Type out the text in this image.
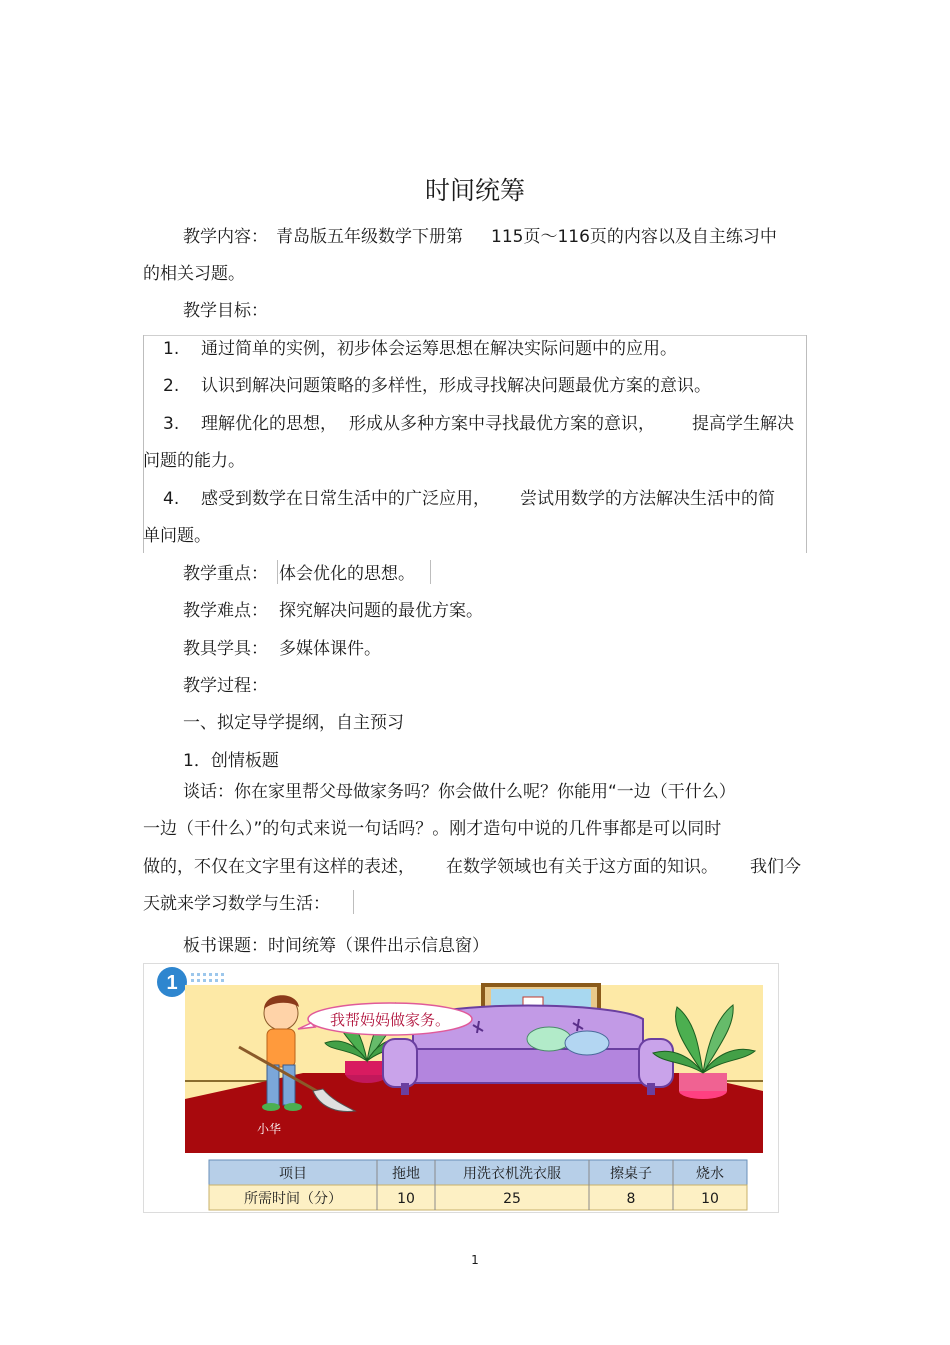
时间统筹
教学内容： 青岛版五年级数学下册第 115页～116页的内容以及自主练习中
的相关习题。
教学目标：
1. 通过简单的实例，初步体会运筹思想在解决实际问题中的应用。
2. 认识到解决问题策略的多样性，形成寻找解决问题最优方案的意识。
3. 理解优化的思想， 形成从多种方案中寻找最优方案的意识， 提高学生解决
问题的能力。
4. 感受到数学在日常生活中的广泛应用， 尝试用数学的方法解决生活中的简
单问题。
教学重点： 体会优化的思想。
教学难点： 探究解决问题的最优方案。
教具学具： 多媒体课件。
教学过程：
一、拟定导学提纲，自主预习
1．创情板题
谈话：你在家里帮父母做家务吗？你会做什么呢？你能用“一边（干什么）
一边（干什么）”的句式来说一句话吗？。刚才造句中说的几件事都是可以同时
做的，不仅在文字里有这样的表述， 在数学领域也有关于这方面的知识。 我们今
天就来学习数学与生活：
板书课题：时间统筹（课件出示信息窗）
1
我帮妈妈做家务。
小华
项目	拖地	用洗衣机洗衣服	擦桌子	烧水
所需时间（分）	10	25	8	10
1
